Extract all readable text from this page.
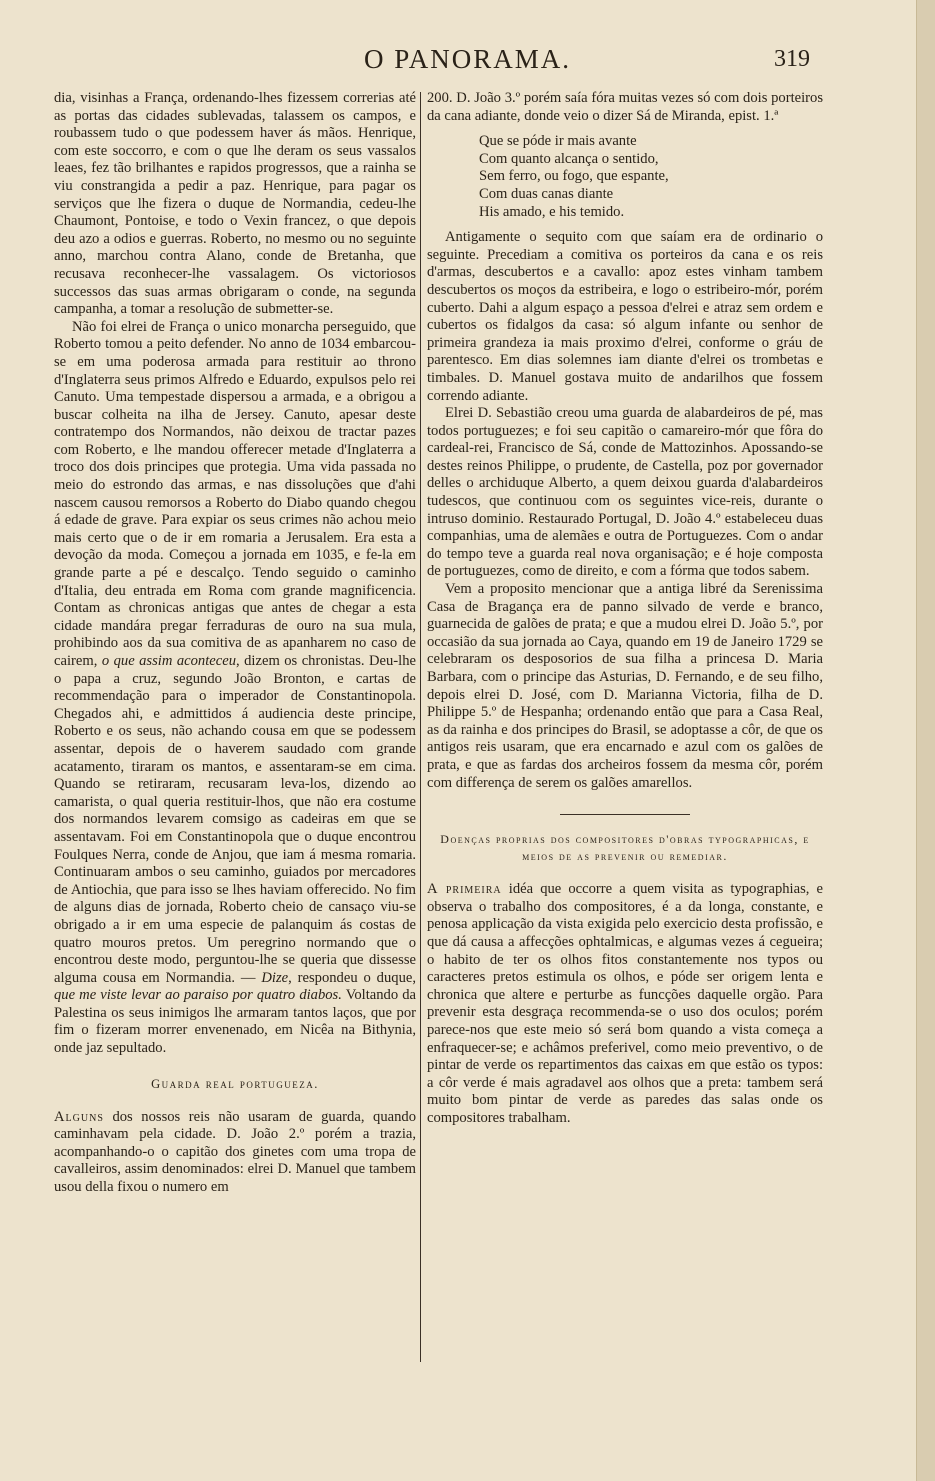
O PANORAMA.	319

dia, visinhas a França, ordenando-lhes fizessem correrias até as portas das cidades sublevadas, talassem os campos, e roubassem tudo o que podessem haver ás mãos. Henrique, com este soccorro, e com o que lhe deram os seus vassalos leaes, fez tão brilhantes e rapidos progressos, que a rainha se viu constrangida a pedir a paz. Henrique, para pagar os serviços que lhe fizera o duque de Normandia, cedeu-lhe Chaumont, Pontoise, e todo o Vexin francez, o que depois deu azo a odios e guerras. Roberto, no mesmo ou no seguinte anno, marchou contra Alano, conde de Bretanha, que recusava reconhecer-lhe vassalagem. Os victoriosos successos das suas armas obrigaram o conde, na segunda campanha, a tomar a resolução de submetter-se.

Não foi elrei de França o unico monarcha perseguido, que Roberto tomou a peito defender. No anno de 1034 embarcou-se em uma poderosa armada para restituir ao throno d'Inglaterra seus primos Alfredo e Eduardo, expulsos pelo rei Canuto. Uma tempestade dispersou a armada, e a obrigou a buscar colheita na ilha de Jersey. Canuto, apesar deste contratempo dos Normandos, não deixou de tractar pazes com Roberto, e lhe mandou offerecer metade d'Inglaterra a troco dos dois principes que protegia. Uma vida passada no meio do estrondo das armas, e nas dissoluções que d'ahi nascem causou remorsos a Roberto do Diabo quando chegou á edade de grave. Para expiar os seus crimes não achou meio mais certo que o de ir em romaria a Jerusalem. Era esta a devoção da moda. Começou a jornada em 1035, e fe-la em grande parte a pé e descalço. Tendo seguido o caminho d'Italia, deu entrada em Roma com grande magnificencia. Contam as chronicas antigas que antes de chegar a esta cidade mandára pregar ferraduras de ouro na sua mula, prohibindo aos da sua comitiva de as apanharem no caso de cairem, o que assim aconteceu, dizem os chronistas. Deu-lhe o papa a cruz, segundo João Bronton, e cartas de recommendação para o imperador de Constantinopola. Chegados ahi, e admittidos á audiencia deste principe, Roberto e os seus, não achando cousa em que se podessem assentar, depois de o haverem saudado com grande acatamento, tiraram os mantos, e assentaram-se em cima. Quando se retiraram, recusaram leva-los, dizendo ao camarista, o qual queria restituir-lhos, que não era costume dos normandos levarem comsigo as cadeiras em que se assentavam. Foi em Constantinopola que o duque encontrou Foulques Nerra, conde de Anjou, que iam á mesma romaria. Continuaram ambos o seu caminho, guiados por mercadores de Antiochia, que para isso se lhes haviam offerecido. No fim de alguns dias de jornada, Roberto cheio de cansaço viu-se obrigado a ir em uma especie de palanquim ás costas de quatro mouros pretos. Um peregrino normando que o encontrou deste modo, perguntou-lhe se queria que dissesse alguma cousa em Normandia. — Dize, respondeu o duque, que me viste levar ao paraiso por quatro diabos. Voltando da Palestina os seus inimigos lhe armaram tantos laços, que por fim o fizeram morrer envenenado, em Nicêa na Bithynia, onde jaz sepultado.

Guarda real portugueza.

Alguns dos nossos reis não usaram de guarda, quando caminhavam pela cidade. D. João 2.º porém a trazia, acompanhando-o o capitão dos ginetes com uma tropa de cavalleiros, assim denominados: elrei D. Manuel que tambem usou della fixou o numero em

200. D. João 3.º porém saía fóra muitas vezes só com dois porteiros da cana adiante, donde veio o dizer Sá de Miranda, epist. 1.ª

Que se póde ir mais avante
Com quanto alcança o sentido,
Sem ferro, ou fogo, que espante,
Com duas canas diante
His amado, e his temido.

Antigamente o sequito com que saíam era de ordinario o seguinte. Precediam a comitiva os porteiros da cana e os reis d'armas, descubertos e a cavallo: apoz estes vinham tambem descubertos os moços da estribeira, e logo o estribeiro-mór, porém cuberto. Dahi a algum espaço a pessoa d'elrei e atraz sem ordem e cubertos os fidalgos da casa: só algum infante ou senhor de primeira grandeza ia mais proximo d'elrei, conforme o gráu de parentesco. Em dias solemnes iam diante d'elrei os trombetas e timbales. D. Manuel gostava muito de andarilhos que fossem correndo adiante.

Elrei D. Sebastião creou uma guarda de alabardeiros de pé, mas todos portuguezes; e foi seu capitão o camareiro-mór que fôra do cardeal-rei, Francisco de Sá, conde de Mattozinhos. Apossando-se destes reinos Philippe, o prudente, de Castella, poz por governador delles o archiduque Alberto, a quem deixou guarda d'alabardeiros tudescos, que continuou com os seguintes vice-reis, durante o intruso dominio. Restaurado Portugal, D. João 4.º estabeleceu duas companhias, uma de alemães e outra de Portuguezes. Com o andar do tempo teve a guarda real nova organisação; e é hoje composta de portuguezes, como de direito, e com a fórma que todos sabem.

Vem a proposito mencionar que a antiga libré da Serenissima Casa de Bragança era de panno silvado de verde e branco, guarnecida de galões de prata; e que a mudou elrei D. João 5.º, por occasião da sua jornada ao Caya, quando em 19 de Janeiro 1729 se celebraram os desposorios de sua filha a princesa D. Maria Barbara, com o principe das Asturias, D. Fernando, e de seu filho, depois elrei D. José, com D. Marianna Victoria, filha de D. Philippe 5.º de Hespanha; ordenando então que para a Casa Real, as da rainha e dos principes do Brasil, se adoptasse a côr, de que os antigos reis usaram, que era encarnado e azul com os galões de prata, e que as fardas dos archeiros fossem da mesma côr, porém com differença de serem os galões amarellos.

Doenças proprias dos compositores d'obras typographicas, e meios de as prevenir ou remediar.

A primeira idéa que occorre a quem visita as typographias, e observa o trabalho dos compositores, é a da longa, constante, e penosa applicação da vista exigida pelo exercicio desta profissão, e que dá causa a affecções ophtalmicas, e algumas vezes á cegueira; o habito de ter os olhos fitos constantemente nos typos ou caracteres pretos estimula os olhos, e póde ser origem lenta e chronica que altere e perturbe as funcções daquelle orgão. Para prevenir esta desgraça recommenda-se o uso dos oculos; porém parece-nos que este meio só será bom quando a vista começa a enfraquecer-se; e achâmos preferivel, como meio preventivo, o de pintar de verde os repartimentos das caixas em que estão os typos: a côr verde é mais agradavel aos olhos que a preta: tambem será muito bom pintar de verde as paredes das salas onde os compositores trabalham.
